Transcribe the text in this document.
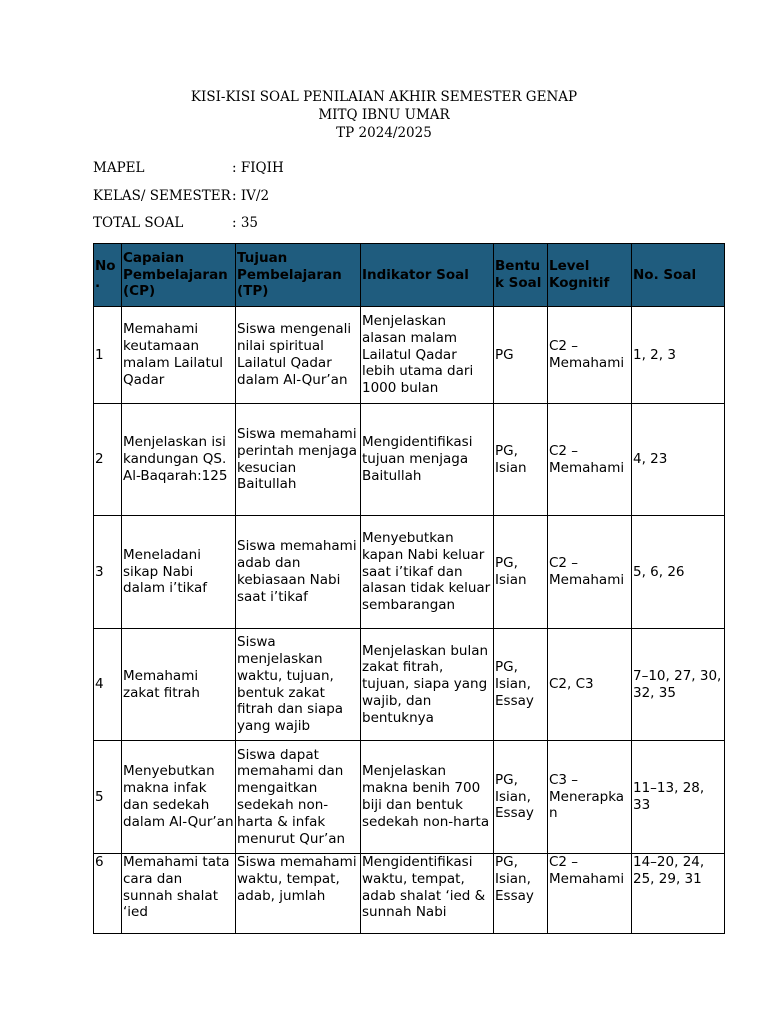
KISI-KISI SOAL PENILAIAN AKHIR SEMESTER GENAP
MITQ IBNU UMAR
TP 2024/2025
MAPEL	: FIQIH
KELAS/ SEMESTER : IV/2
TOTAL SOAL	: 35
No.	Capaian Pembelajaran (CP)	Tujuan Pembelajaran (TP)	Indikator Soal	Bentuk Soal	Level Kognitif	No. Soal
1	Memahami keutamaan malam Lailatul Qadar	Siswa mengenali nilai spiritual Lailatul Qadar dalam Al-Qur’an	Menjelaskan alasan malam Lailatul Qadar lebih utama dari 1000 bulan	PG	C2 – Memahami	1, 2, 3
2	Menjelaskan isi kandungan QS. Al-Baqarah:125	Siswa memahami perintah menjaga kesucian Baitullah	Mengidentifikasi tujuan menjaga Baitullah	PG, Isian	C2 – Memahami	4, 23
3	Meneladani sikap Nabi dalam i’tikaf	Siswa memahami adab dan kebiasaan Nabi saat i’tikaf	Menyebutkan kapan Nabi keluar saat i’tikaf dan alasan tidak keluar sembarangan	PG, Isian	C2 – Memahami	5, 6, 26
4	Memahami zakat fitrah	Siswa menjelaskan waktu, tujuan, bentuk zakat fitrah dan siapa yang wajib	Menjelaskan bulan zakat fitrah, tujuan, siapa yang wajib, dan bentuknya	PG, Isian, Essay	C2, C3	7–10, 27, 30, 32, 35
5	Menyebutkan makna infak dan sedekah dalam Al-Qur’an	Siswa dapat memahami dan mengaitkan sedekah non-harta & infak menurut Qur’an	Menjelaskan makna benih 700 biji dan bentuk sedekah non-harta	PG, Isian, Essay	C3 – Menerapkan	11–13, 28, 33
6	Memahami tata cara dan sunnah shalat ‘ied	Siswa memahami waktu, tempat, adab, jumlah	Mengidentifikasi waktu, tempat, adab shalat ‘ied & sunnah Nabi	PG, Isian, Essay	C2 – Memahami	14–20, 24, 25, 29, 31
